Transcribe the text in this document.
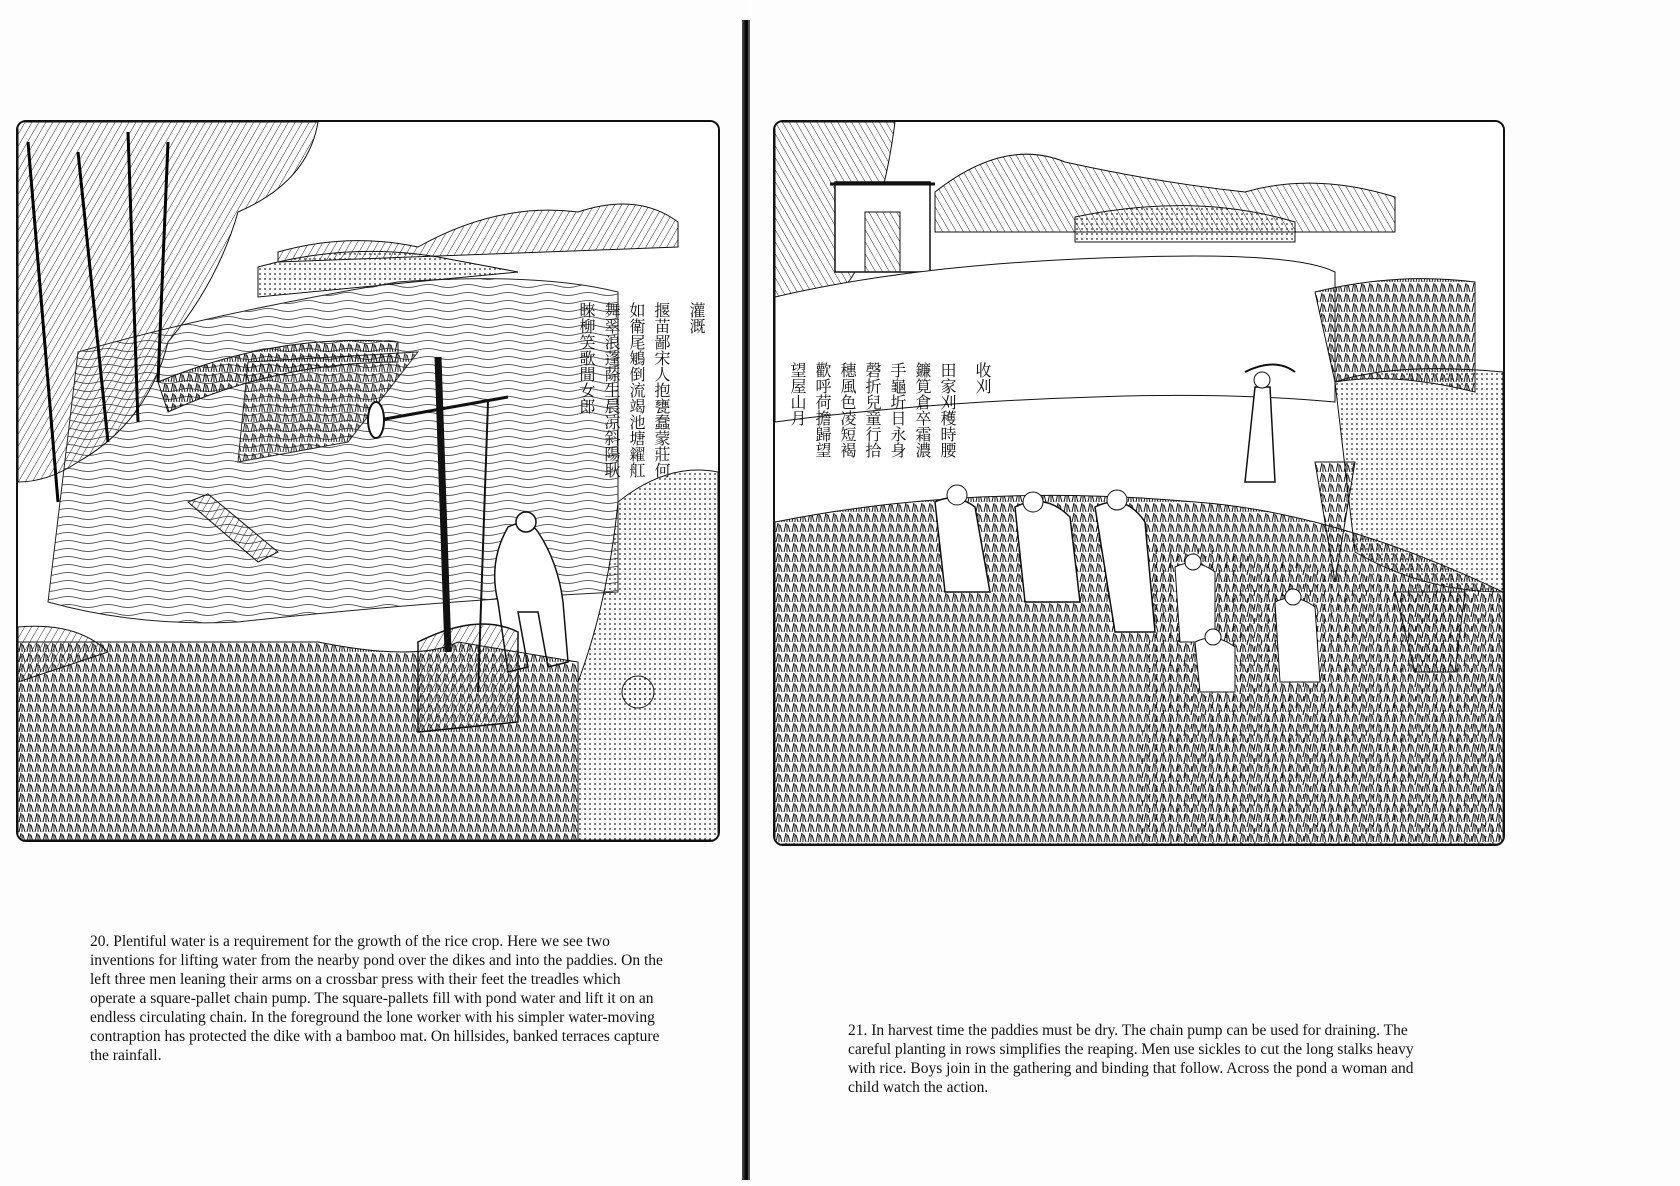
灌溉
揠苗鄙宋人抱甕蠢蒙莊何
如衛尾鵴倒流竭池塘糴舡
舞翠浪蓬蒢生晨凉斜陽耿
睞柳笑歌間女郎	收刈
田家刈穫時腰
鐮筧倉卒霜濃
手龜圻日永身
磬折兒童行拾
穗風色凌短褐
歡呼荷擔歸望
望屋山月

20. Plentiful water is a requirement for the growth of the rice crop. Here we see two inventions for lifting water from the nearby pond over the dikes and into the paddies. On the left three men leaning their arms on a crossbar press with their feet the treadles which operate a square-pallet chain pump. The square-pallets fill with pond water and lift it on an endless circulating chain. In the foreground the lone worker with his simpler water-moving contraption has protected the dike with a bamboo mat. On hillsides, banked terraces capture the rainfall.

21. In harvest time the paddies must be dry. The chain pump can be used for draining. The careful planting in rows simplifies the reaping. Men use sickles to cut the long stalks heavy with rice. Boys join in the gathering and binding that follow. Across the pond a woman and child watch the action.
